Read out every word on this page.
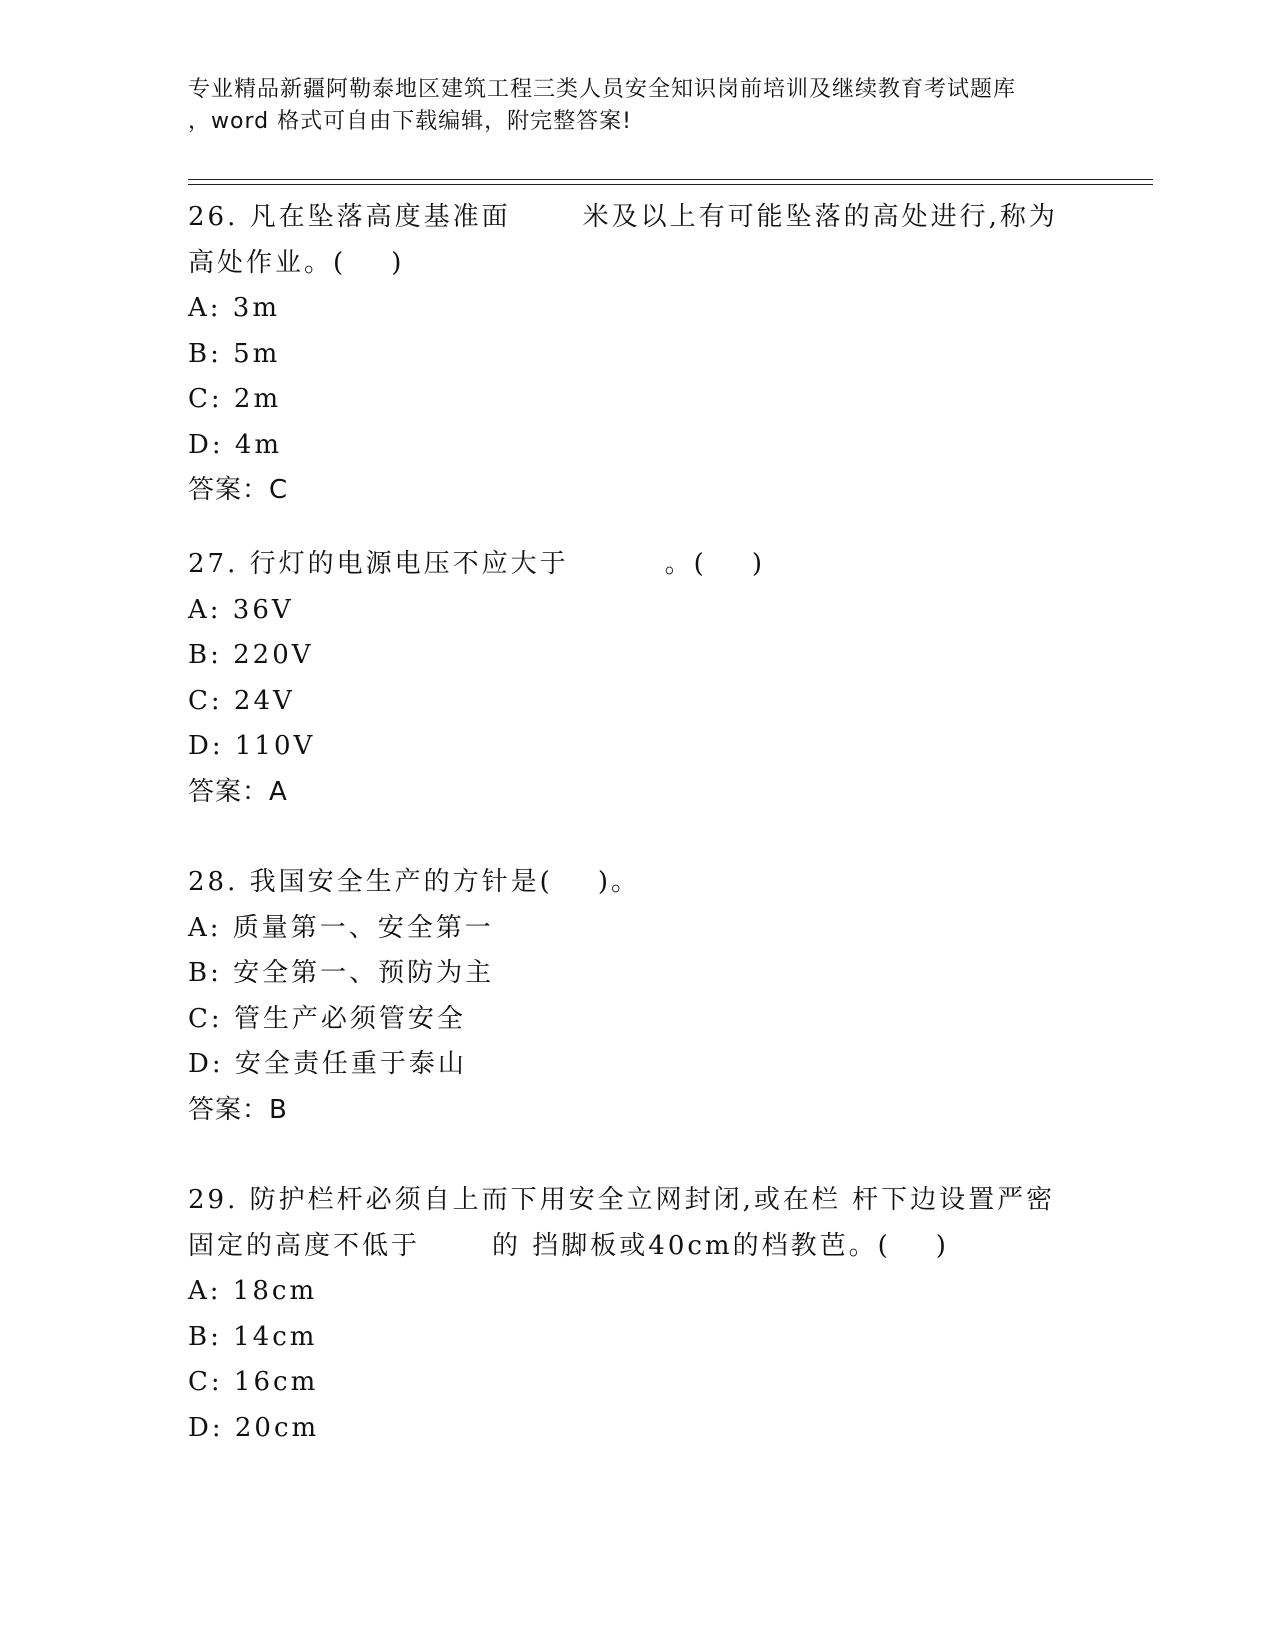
专业精品新疆阿勒泰地区建筑工程三类人员安全知识岗前培训及继续教育考试题库
，word 格式可自由下载编辑，附完整答案!
26. 凡在坠落高度基准面	米及以上有可能坠落的高处进行,称为
高处作业。(    )
A: 3m
B: 5m
C: 2m
D: 4m
答案：C
27. 行灯的电源电压不应大于	。(    )
A: 36V
B: 220V
C: 24V
D: 110V
答案：A
28. 我国安全生产的方针是(    )。
A: 质量第一、安全第一
B: 安全第一、预防为主
C: 管生产必须管安全
D: 安全责任重于泰山
答案：B
29. 防护栏杆必须自上而下用安全立网封闭,或在栏 杆下边设置严密
固定的高度不低于	的 挡脚板或40cm的档教芭。(    )
A: 18cm
B: 14cm
C: 16cm
D: 20cm
